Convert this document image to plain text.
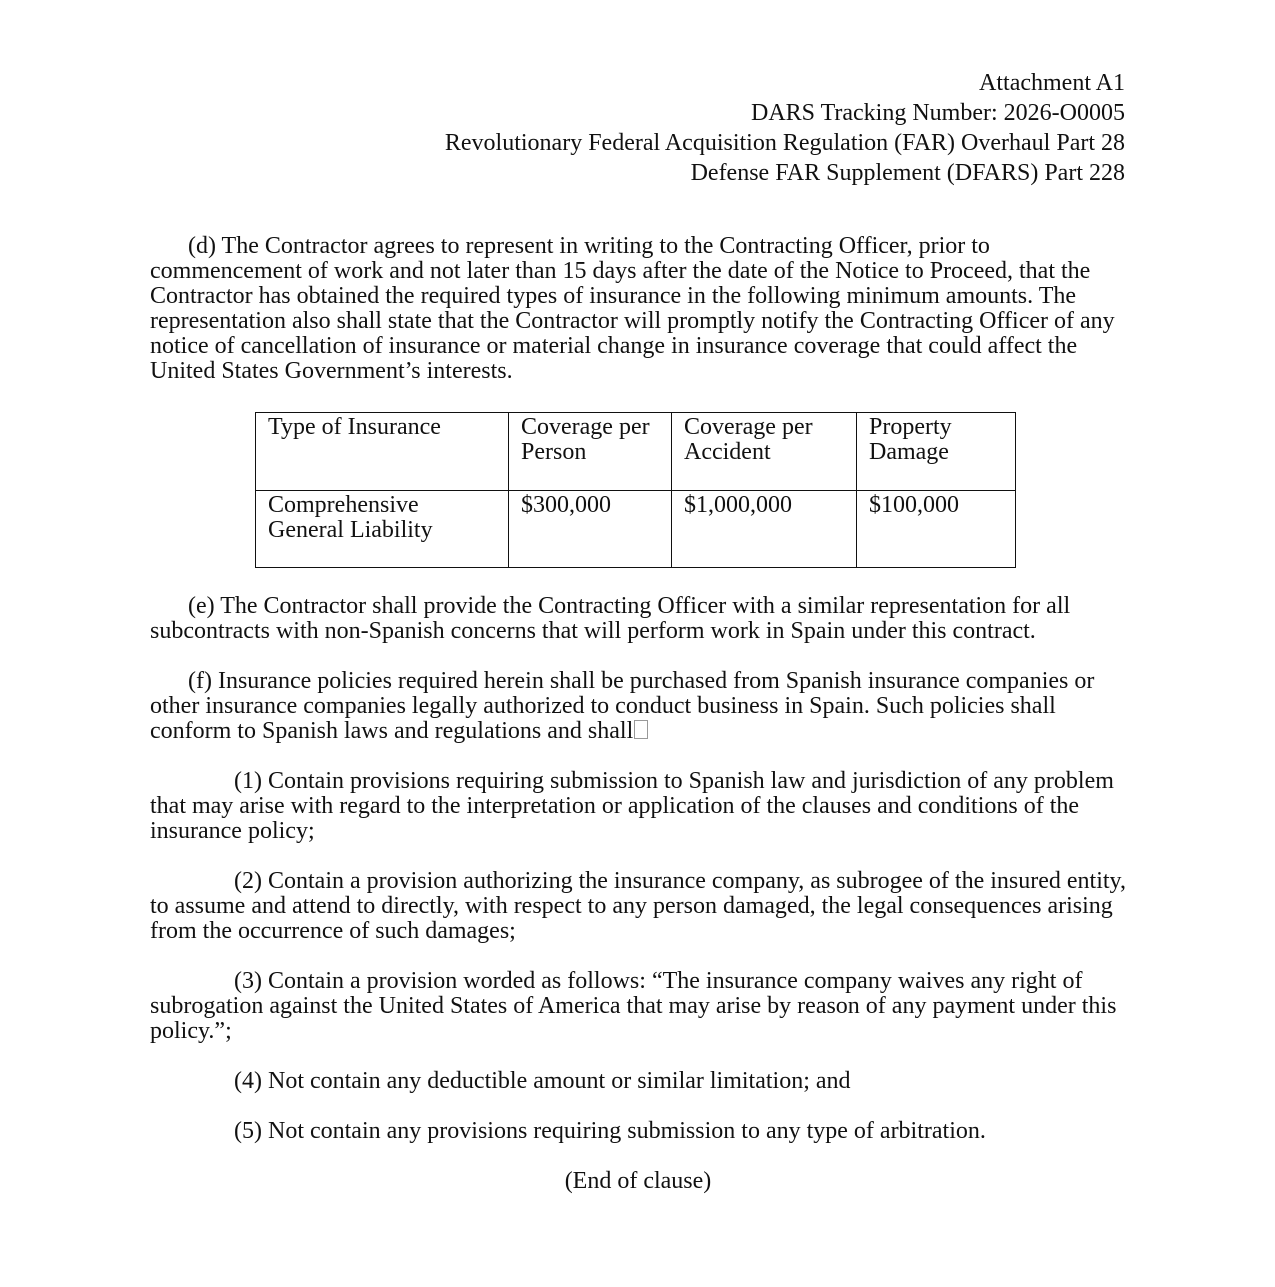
Attachment A1
DARS Tracking Number: 2026-O0005
Revolutionary Federal Acquisition Regulation (FAR) Overhaul Part 28
Defense FAR Supplement (DFARS) Part 228

(d) The Contractor agrees to represent in writing to the Contracting Officer, prior to commencement of work and not later than 15 days after the date of the Notice to Proceed, that the Contractor has obtained the required types of insurance in the following minimum amounts. The representation also shall state that the Contractor will promptly notify the Contracting Officer of any notice of cancellation of insurance or material change in insurance coverage that could affect the United States Government’s interests.

Type of Insurance	Coverage per Person	Coverage per Accident	Property Damage
Comprehensive General Liability	$300,000	$1,000,000	$100,000

(e) The Contractor shall provide the Contracting Officer with a similar representation for all subcontracts with non-Spanish concerns that will perform work in Spain under this contract.

(f) Insurance policies required herein shall be purchased from Spanish insurance companies or other insurance companies legally authorized to conduct business in Spain. Such policies shall conform to Spanish laws and regulations and shall

(1) Contain provisions requiring submission to Spanish law and jurisdiction of any problem that may arise with regard to the interpretation or application of the clauses and conditions of the insurance policy;

(2) Contain a provision authorizing the insurance company, as subrogee of the insured entity, to assume and attend to directly, with respect to any person damaged, the legal consequences arising from the occurrence of such damages;

(3) Contain a provision worded as follows: “The insurance company waives any right of subrogation against the United States of America that may arise by reason of any payment under this policy.”;

(4) Not contain any deductible amount or similar limitation; and

(5) Not contain any provisions requiring submission to any type of arbitration.

(End of clause)
